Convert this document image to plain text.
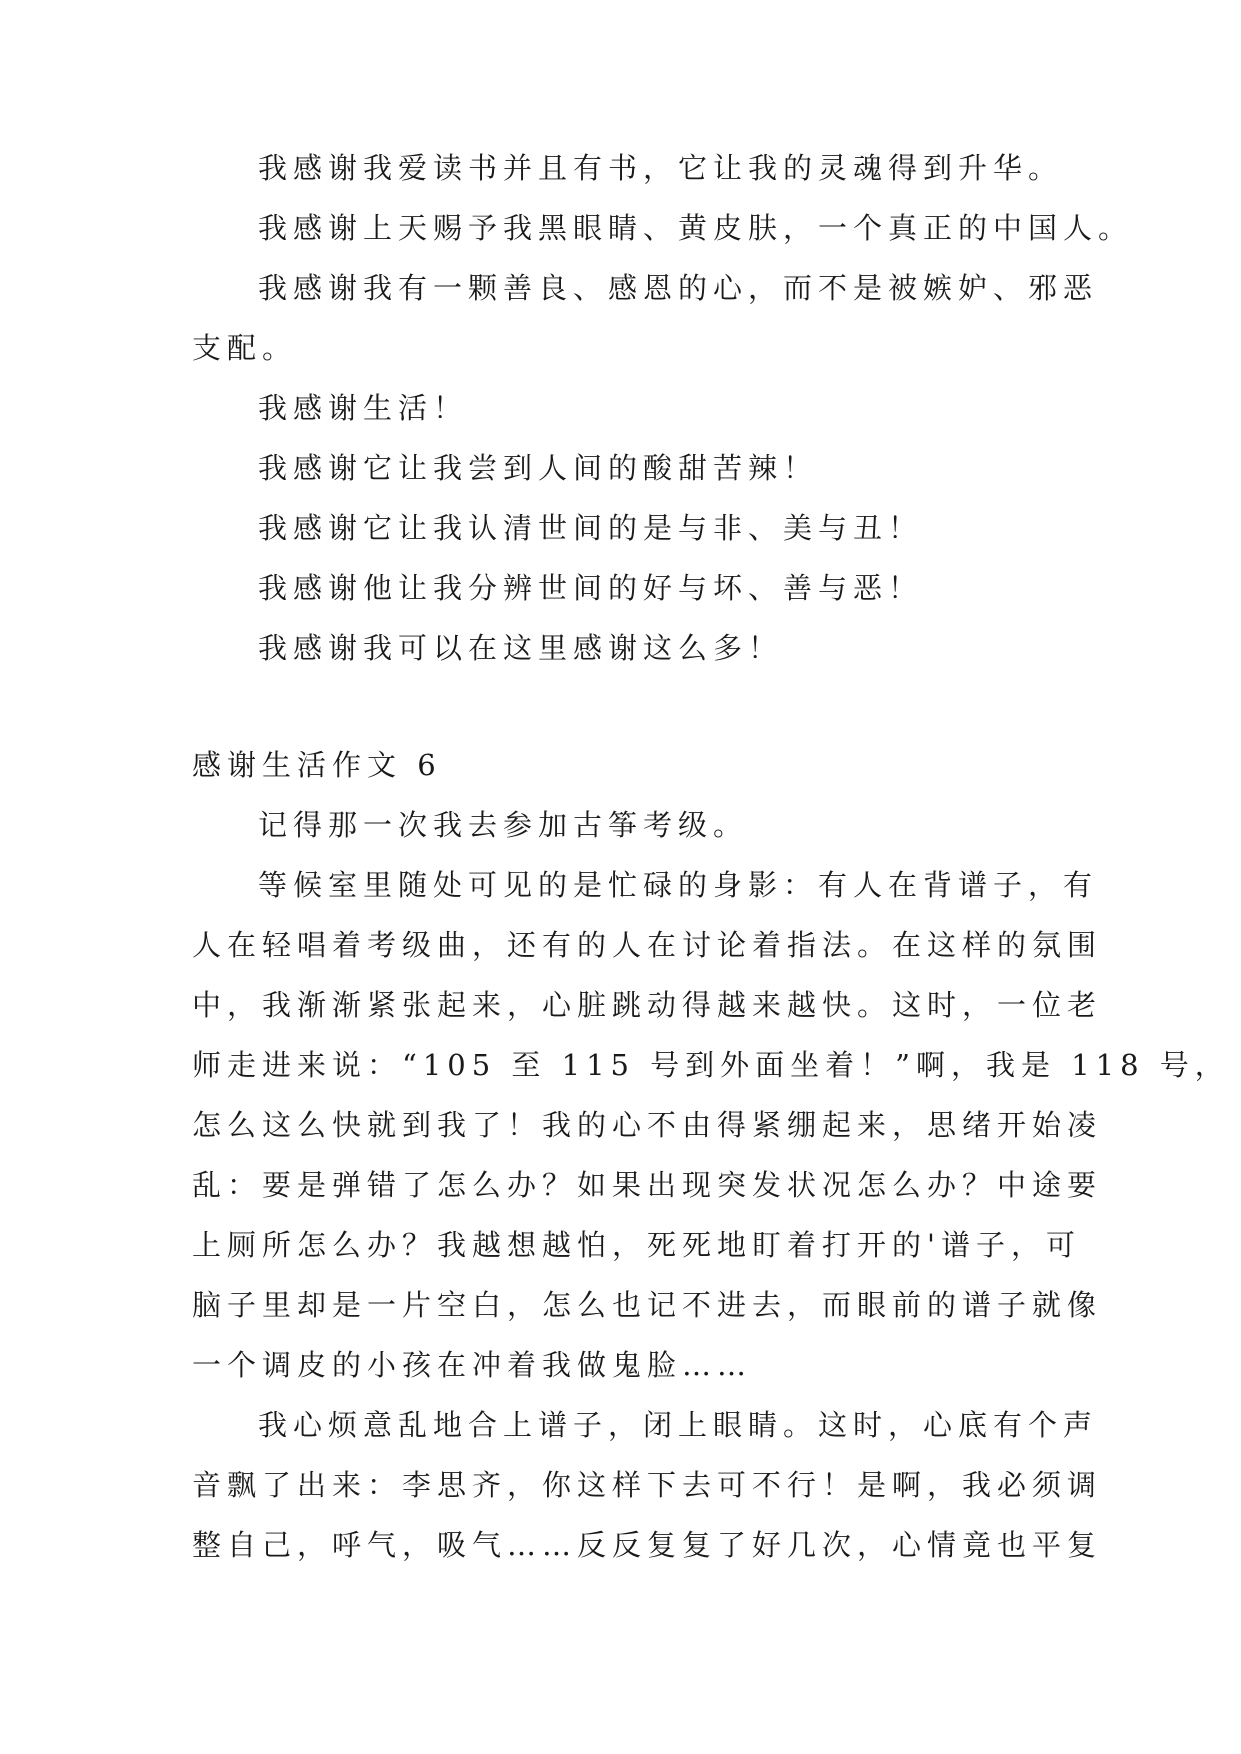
我感谢我爱读书并且有书，它让我的灵魂得到升华。
我感谢上天赐予我黑眼睛、黄皮肤，一个真正的中国人。
我感谢我有一颗善良、感恩的心，而不是被嫉妒、邪恶
支配。
我感谢生活！
我感谢它让我尝到人间的酸甜苦辣！
我感谢它让我认清世间的是与非、美与丑！
我感谢他让我分辨世间的好与坏、善与恶！
我感谢我可以在这里感谢这么多！
感谢生活作文 6
记得那一次我去参加古筝考级。
等候室里随处可见的是忙碌的身影：有人在背谱子，有
人在轻唱着考级曲，还有的人在讨论着指法。在这样的氛围
中，我渐渐紧张起来，心脏跳动得越来越快。这时，一位老
师走进来说：“105 至 115 号到外面坐着！”啊，我是 118 号，
怎么这么快就到我了！我的心不由得紧绷起来，思绪开始凌
乱：要是弹错了怎么办？如果出现突发状况怎么办？中途要
上厕所怎么办？我越想越怕，死死地盯着打开的'谱子，可
脑子里却是一片空白，怎么也记不进去，而眼前的谱子就像
一个调皮的小孩在冲着我做鬼脸……
我心烦意乱地合上谱子，闭上眼睛。这时，心底有个声
音飘了出来：李思齐，你这样下去可不行！是啊，我必须调
整自己，呼气，吸气……反反复复了好几次，心情竟也平复
